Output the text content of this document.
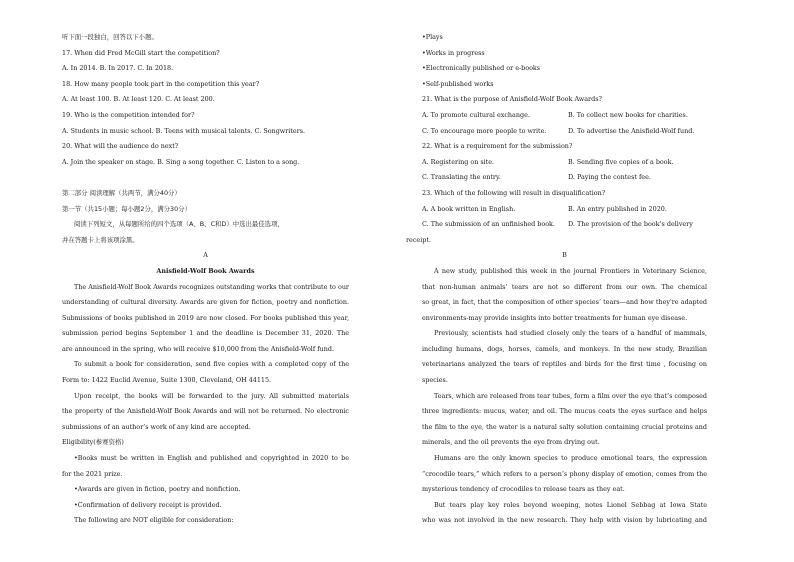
听下面一段独白，回答以下小题。
17. When did Fred McGill start the competition?
A. In 2014. B. In 2017. C. In 2018.
18. How many people took part in the competition this year?
A. At least 100. B. At least 120. C. At least 200.
19. Who is the competition intended for?
A. Students in music school. B. Teens with musical talents. C. Songwriters.
20. What will the audience do next?
A. Join the speaker on stage. B. Sing a song together. C. Listen to a song.
第二部分 阅读理解（共两节，满分40分）
第一节（共15小题；每小题2分，满分30分）
阅读下列短文，从每题所给的四个选项（A、B、C和D）中选出最佳选项，
并在答题卡上将该项涂黑。
A
Anisfield-Wolf Book Awards
The Anisfield-Wolf Book Awards recognizes outstanding works that contribute to our
understanding of cultural diversity. Awards are given for fiction, poetry and nonfiction.
Submissions of books published in 2019 are now closed. For books published this year,
submission period begins September 1 and the deadline is December 31, 2020. The
are announced in the spring, who will receive $10,000 from the Anisfield-Wolf fund.
To submit a book for consideration, send five copies with a completed copy of the
Form to: 1422 Euclid Avenue, Suite 1300, Cleveland, OH 44115.
Upon receipt, the books will be forwarded to the jury. All submitted materials
the property of the Anisfield-Wolf Book Awards and will not be returned. No electronic
submissions of an author’s work of any kind are accepted.
Eligibility(参赛资格)
•Books must be written in English and published and copyrighted in 2020 to be
for the 2021 prize.
•Awards are given in fiction, poetry and nonfiction.
•Confirmation of delivery receipt is provided.
The following are NOT eligible for consideration:
•Plays
•Works in progress
•Electronically published or e-books
•Self-published works
21. What is the purpose of Anisfield-Wolf Book Awards?
A. To promote cultural exchange.	B. To collect new books for charities.
C. To encourage more people to write.	D. To advertise the Anisfield-Wolf fund.
22. What is a requirement for the submission?
A. Registering on site.	B. Sending five copies of a book.
C. Translating the entry.	D. Paying the contest fee.
23. Which of the following will result in disqualification?
A. A book written in English.	B. An entry published in 2020.
C. The submission of an unfinished book.	D. The provision of the book’s delivery
receipt.
B
A new study, published this week in the journal Frontiers in Veterinary Science,
that non-human animals’ tears are not so different from our own. The chemical
so great, in fact, that the composition of other species’ tears—and how they're adapted
environments-may provide insights into better treatments for human eye disease.
Previously, scientists had studied closely only the tears of a handful of mammals,
including humans, dogs, horses, camels, and monkeys. In the new study, Brazilian
veterinarians analyzed the tears of reptiles and birds for the first time , focusing on
species.
Tears, which are released from tear tubes, form a film over the eye that’s composed
three ingredients: mucus, water, and oil. The mucus coats the eyes surface and helps
the film to the eye, the water is a natural salty solution containing crucial proteins and
minerals, and the oil prevents the eye from drying out.
Humans are the only known species to produce emotional tears, the expression
“crocodile tears,” which refers to a person’s phony display of emotion, comes from the
mysterious tendency of crocodiles to release tears as they eat.
But tears play key roles beyond weeping, notes Lionel Sebbag at Iowa State
who was not involved in the new research. They help with vision by lubricating and
